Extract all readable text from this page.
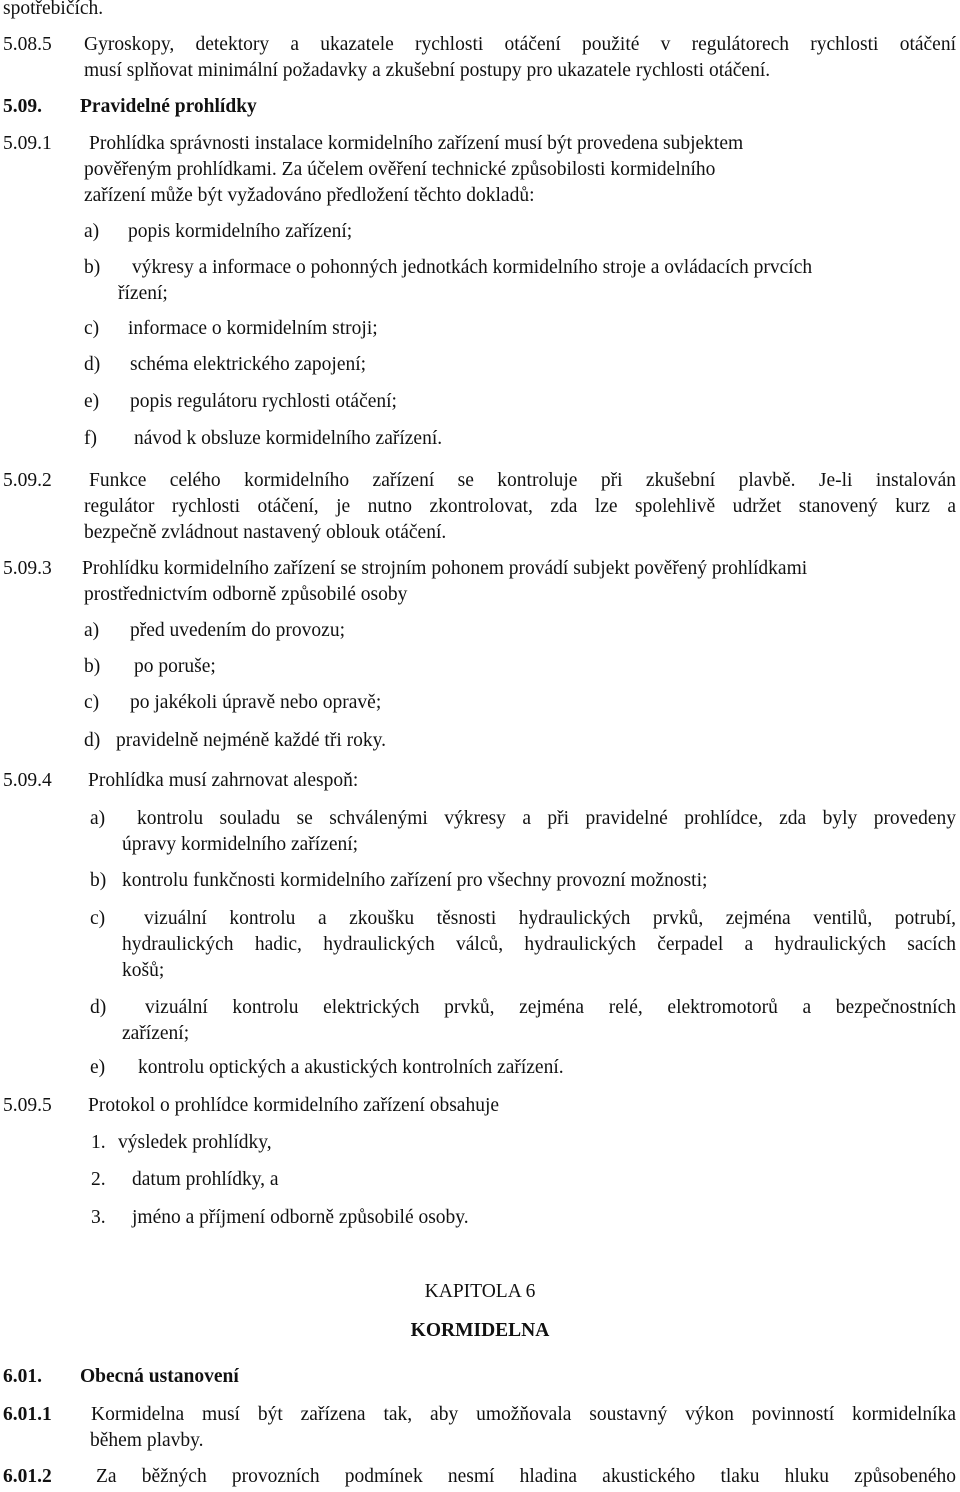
spotřebičích.
5.08.5 Gyroskopy, detektory a ukazatele rychlosti otáčení použité v regulátorech rychlosti otáčení
musí splňovat minimální požadavky a zkušební postupy pro ukazatele rychlosti otáčení.
5.09. Pravidelné prohlídky
5.09.1 Prohlídka správnosti instalace kormidelního zařízení musí být provedena subjektem
pověřeným prohlídkami. Za účelem ověření technické způsobilosti kormidelního
zařízení může být vyžadováno předložení těchto dokladů:
a) popis kormidelního zařízení;
b) výkresy a informace o pohonných jednotkách kormidelního stroje a ovládacích prvcích
řízení;
c) informace o kormidelním stroji;
d) schéma elektrického zapojení;
e) popis regulátoru rychlosti otáčení;
f) návod k obsluze kormidelního zařízení.
5.09.2 Funkce celého kormidelního zařízení se kontroluje při zkušební plavbě. Je-li instalován
regulátor rychlosti otáčení, je nutno zkontrolovat, zda lze spolehlivě udržet stanovený kurz a
bezpečně zvládnout nastavený oblouk otáčení.
5.09.3 Prohlídku kormidelního zařízení se strojním pohonem provádí subjekt pověřený prohlídkami
prostřednictvím odborně způsobilé osoby
a) před uvedením do provozu;
b) po poruše;
c) po jakékoli úpravě nebo opravě;
d) pravidelně nejméně každé tři roky.
5.09.4 Prohlídka musí zahrnovat alespoň:
a) kontrolu souladu se schválenými výkresy a při pravidelné prohlídce, zda byly provedeny
úpravy kormidelního zařízení;
b) kontrolu funkčnosti kormidelního zařízení pro všechny provozní možnosti;
c) vizuální kontrolu a zkoušku těsnosti hydraulických prvků, zejména ventilů, potrubí,
hydraulických hadic, hydraulických válců, hydraulických čerpadel a hydraulických sacích
košů;
d) vizuální kontrolu elektrických prvků, zejména relé, elektromotorů a bezpečnostních
zařízení;
e) kontrolu optických a akustických kontrolních zařízení.
5.09.5 Protokol o prohlídce kormidelního zařízení obsahuje
1. výsledek prohlídky,
2. datum prohlídky, a
3. jméno a příjmení odborně způsobilé osoby.
KAPITOLA 6
KORMIDELNA
6.01. Obecná ustanovení
6.01.1 Kormidelna musí být zařízena tak, aby umožňovala soustavný výkon povinností kormidelníka
během plavby.
6.01.2 Za běžných provozních podmínek nesmí hladina akustického tlaku hluku způsobeného
